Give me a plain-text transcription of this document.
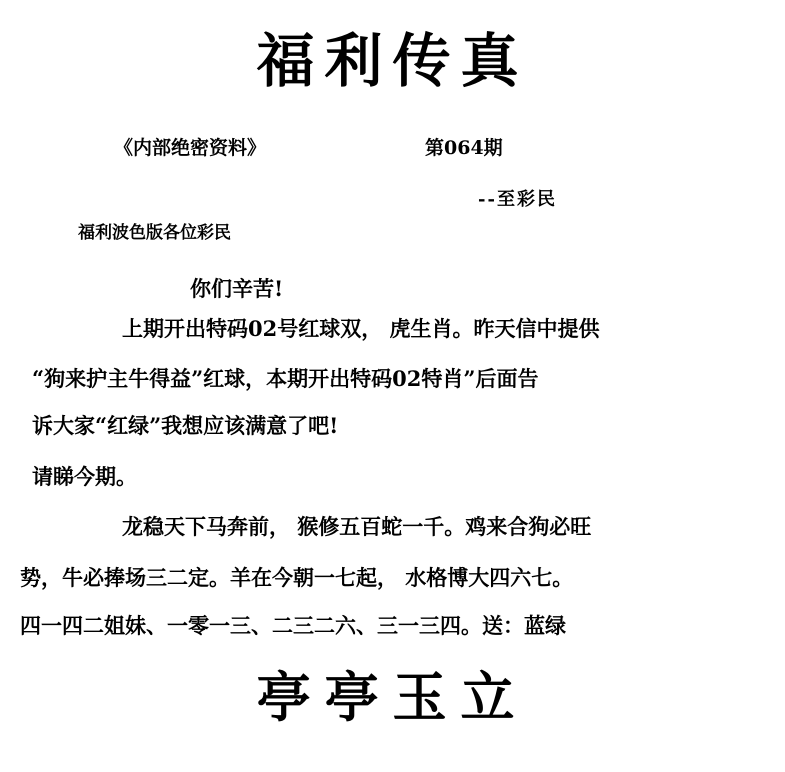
福利传真
《内部绝密资料》	第064期
--至彩民
福利波色版各位彩民
你们辛苦!
上期开出特码02号红球双， 虎生肖。昨天信中提供
“狗来护主牛得益”红球，本期开出特码02特肖”后面告
诉大家“红绿”我想应该满意了吧!
请睇今期。
龙稳天下马奔前， 猴修五百蛇一千。鸡来合狗必旺
势，牛必捧场三二定。羊在今朝一七起， 水格博大四六七。
四一四二姐妹、一零一三、二三二六、三一三四。送：蓝绿
亭亭玉立
